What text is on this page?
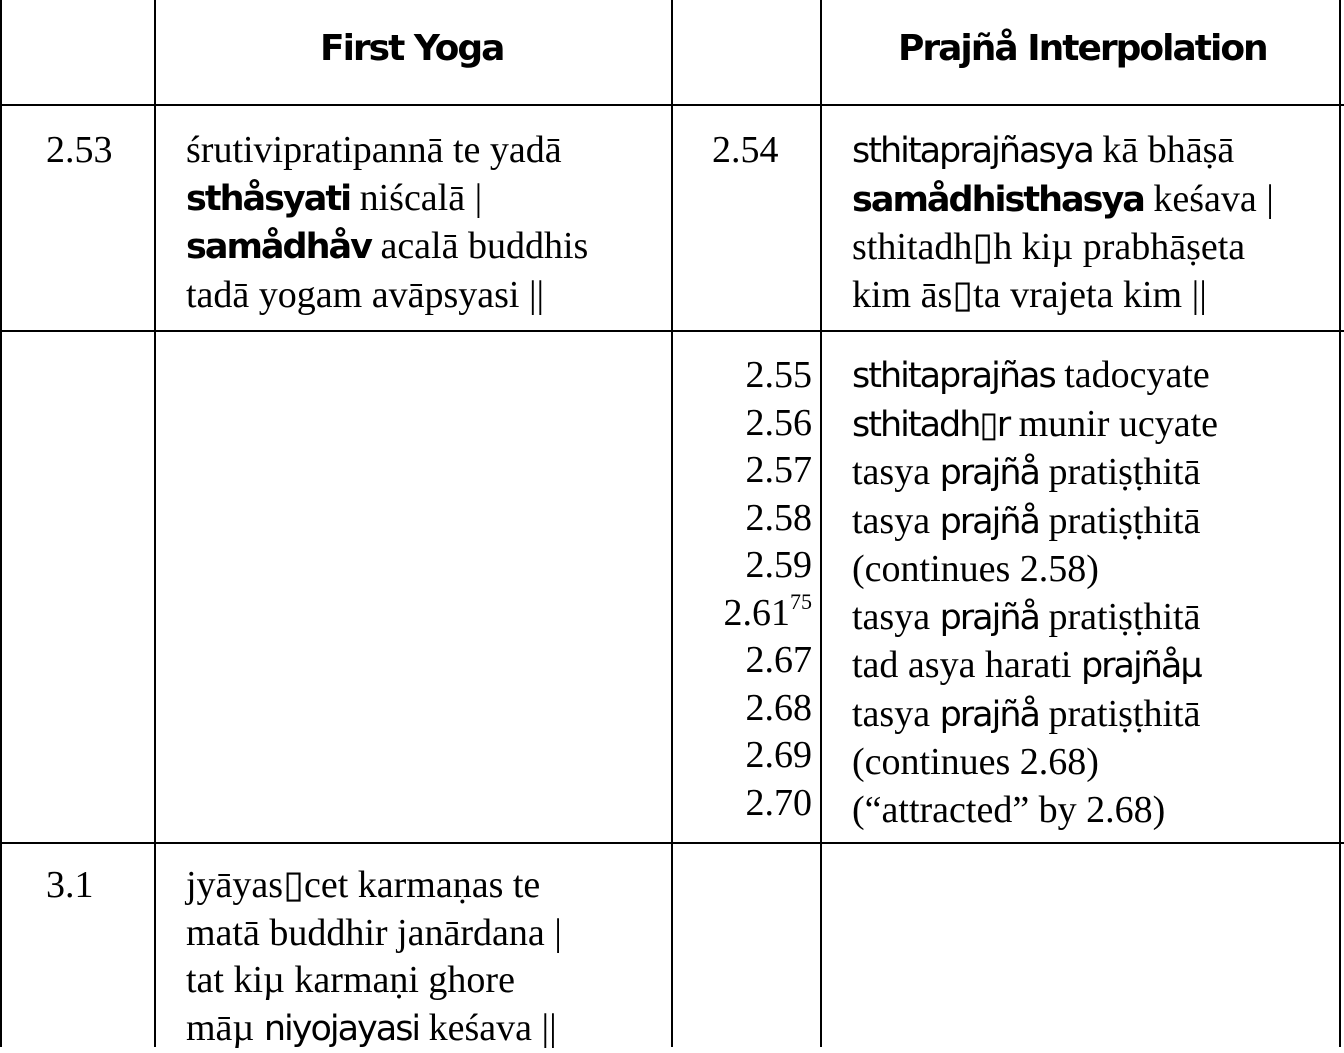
First Yoga	Prajñå Interpolation
2.53 śrutivipratipannā te yadā
sthåsyati niścalā |
samådhåv acalā buddhis
tadā yogam avāpsyasi ||
2.54 sthitaprajñasya kā bhāṣā
samådhisthasya keśava |
sthitadh▯h kiµ prabhāṣeta
kim ās▯ta vrajeta kim ||
2.55
2.56
2.57
2.58
2.59
2.61$^{75}$
2.67
2.68
2.69
2.70
sthitaprajñas tadocyate
sthitadh▯r munir ucyate
tasya prajñå pratiṣṭhitā
tasya prajñå pratiṣṭhitā
(continues 2.58)
tasya prajñå pratiṣṭhitā
tad asya harati prajñåµ
tasya prajñå pratiṣṭhitā
(continues 2.68)
(“attracted” by 2.68)
3.1 jyāyas▯cet karmaṇas te
matā buddhir janārdana |
tat kiµ karmaṇi ghore
māµ niyojayasi keśava ||
